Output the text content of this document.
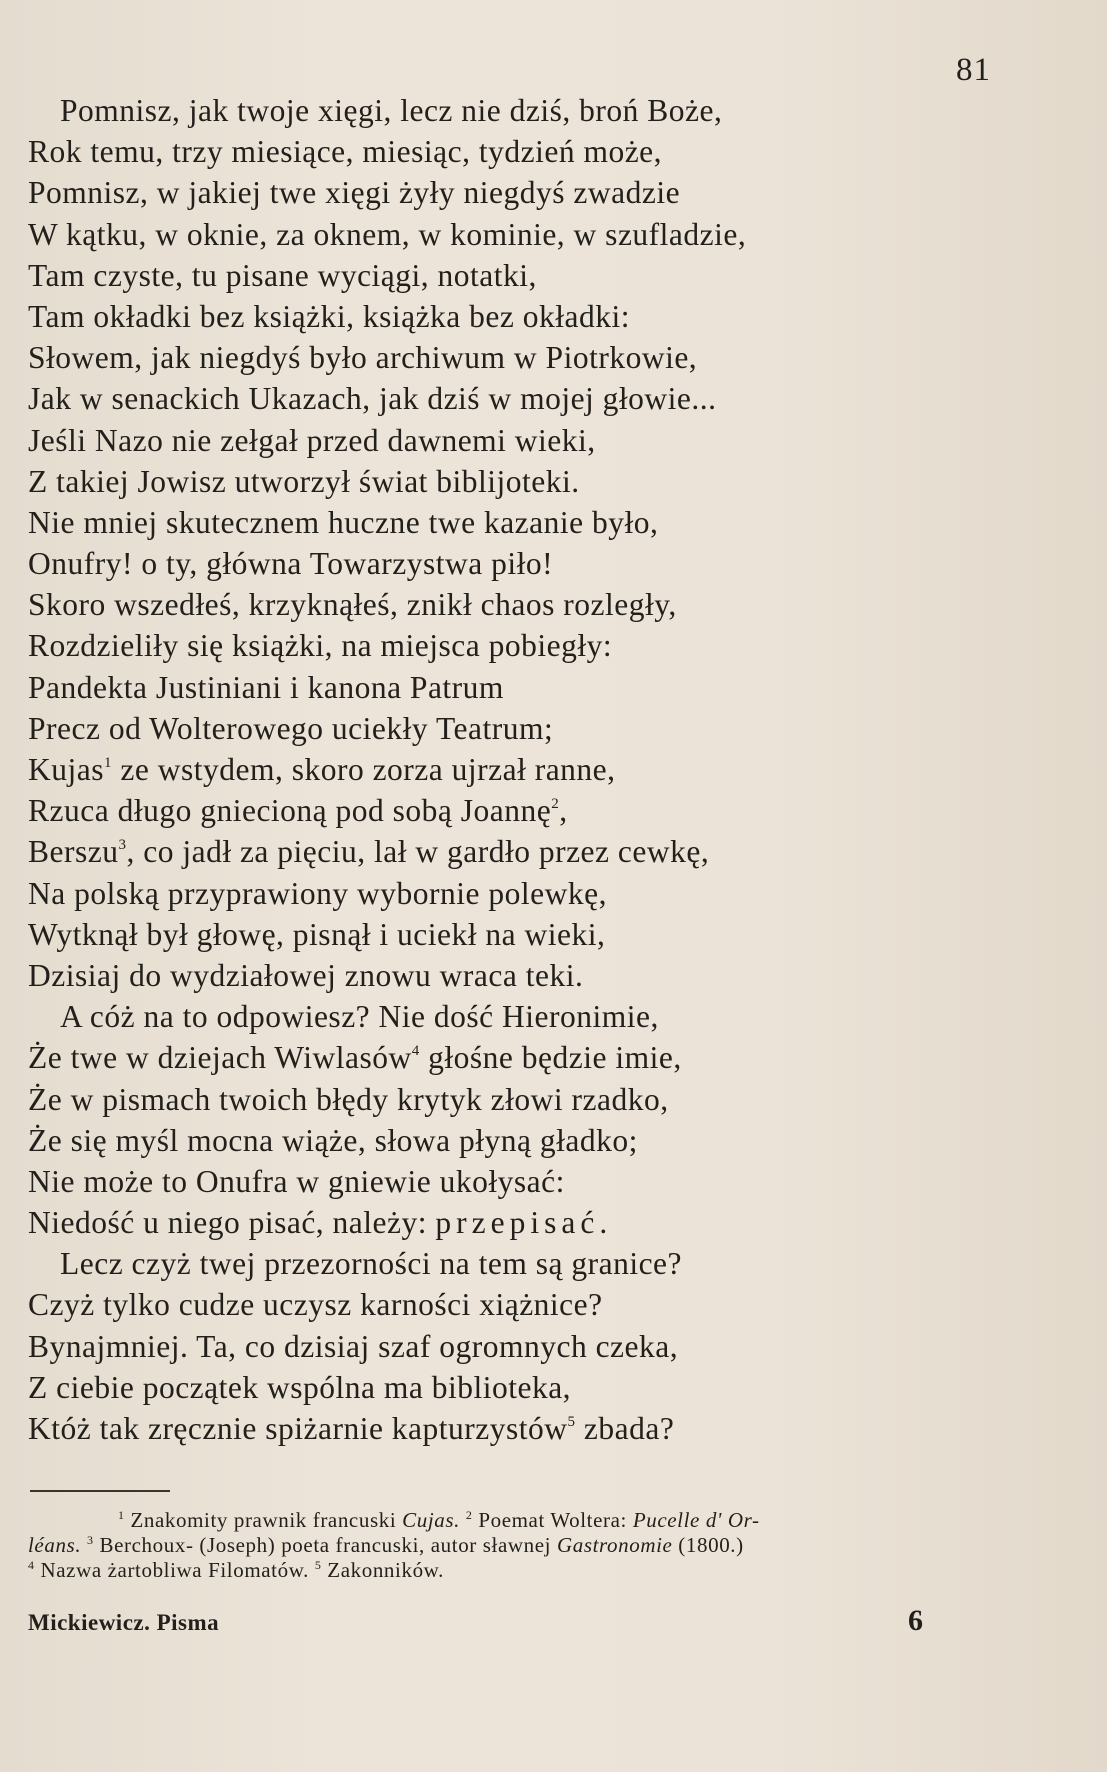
81
Pomnisz, jak twoje xięgi, lecz nie dziś, broń Boże,
Rok temu, trzy miesiące, miesiąc, tydzień może,
Pomnisz, w jakiej twe xięgi żyły niegdyś zwadzie
W kątku, w oknie, za oknem, w kominie, w szufladzie,
Tam czyste, tu pisane wyciągi, notatki,
Tam okładki bez książki, książka bez okładki:
Słowem, jak niegdyś było archiwum w Piotrkowie,
Jak w senackich Ukazach, jak dziś w mojej głowie...
Jeśli Nazo nie zełgał przed dawnemi wieki,
Z takiej Jowisz utworzył świat biblijoteki.
Nie mniej skutecznem huczne twe kazanie było,
Onufry! o ty, główna Towarzystwa piło!
Skoro wszedłeś, krzyknąłeś, znikł chaos rozległy,
Rozdzieliły się książki, na miejsca pobiegły:
Pandekta Justiniani i kanona Patrum
Precz od Wolterowego uciekły Teatrum;
Kujas$^1$ ze wstydem, skoro zorza ujrzał ranne,
Rzuca długo gniecioną pod sobą Joannę$^2$,
Berszu$^3$, co jadł za pięciu, lał w gardło przez cewkę,
Na polską przyprawiony wybornie polewkę,
Wytknął był głowę, pisnął i uciekł na wieki,
Dzisiaj do wydziałowej znowu wraca teki.
A cóż na to odpowiesz? Nie dość Hieronimie,
Że twe w dziejach Wiwlasów$^4$ głośne będzie imie,
Że w pismach twoich błędy krytyk złowi rzadko,
Że się myśl mocna wiąże, słowa płyną gładko;
Nie może to Onufra w gniewie ukołysać:
Niedość u niego pisać, należy: przepisać.
Lecz czyż twej przezorności na tem są granice?
Czyż tylko cudze uczysz karności xiążnice?
Bynajmniej. Ta, co dzisiaj szaf ogromnych czeka,
Z ciebie początek wspólna ma biblioteka,
Któż tak zręcznie spiżarnie kapturzystów$^5$ zbada?
$^1$ Znakomity prawnik francuski Cujas. $^2$ Poemat Woltera: Pucelle d' Or-
léans. $^3$ Berchoux- (Joseph) poeta francuski, autor sławnej Gastronomie (1800.)
$^4$ Nazwa żartobliwa Filomatów. $^5$ Zakonników.
Mickiewicz. Pisma	6
